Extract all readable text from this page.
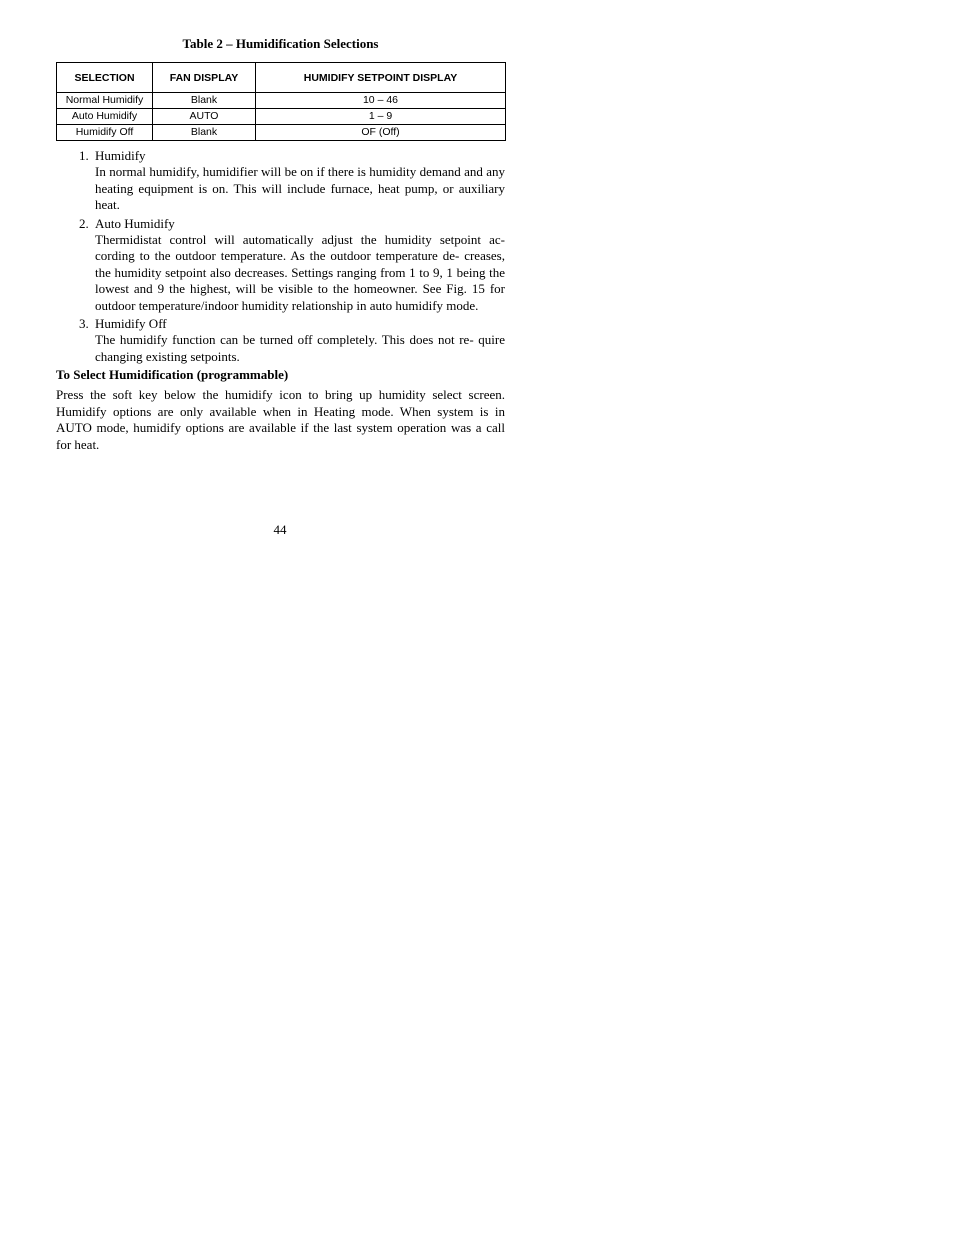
Table 2 – Humidification Selections
SELECTION	FAN DISPLAY	HUMIDIFY SETPOINT DISPLAY
Normal Humidify	Blank	10 – 46
Auto Humidify	AUTO	1 – 9
Humidify Off	Blank	OF (Off)
1. Humidify
In normal humidify, humidifier will be on if there is humidity demand and any heating equipment is on. This will include furnace, heat pump, or auxiliary heat.
2. Auto Humidify
Thermidistat control will automatically adjust the humidity setpoint ac- cording to the outdoor temperature. As the outdoor temperature de- creases, the humidity setpoint also decreases. Settings ranging from 1 to 9, 1 being the lowest and 9 the highest, will be visible to the homeowner. See Fig. 15 for outdoor temperature/indoor humidity relationship in auto humidify mode.
3. Humidify Off
The humidify function can be turned off completely. This does not re- quire changing existing setpoints.
To Select Humidification (programmable)

Press the soft key below the humidify icon to bring up humidity select screen. Humidify options are only available when in Heating mode. When system is in AUTO mode, humidify options are available if the last system operation was a call for heat.

44
